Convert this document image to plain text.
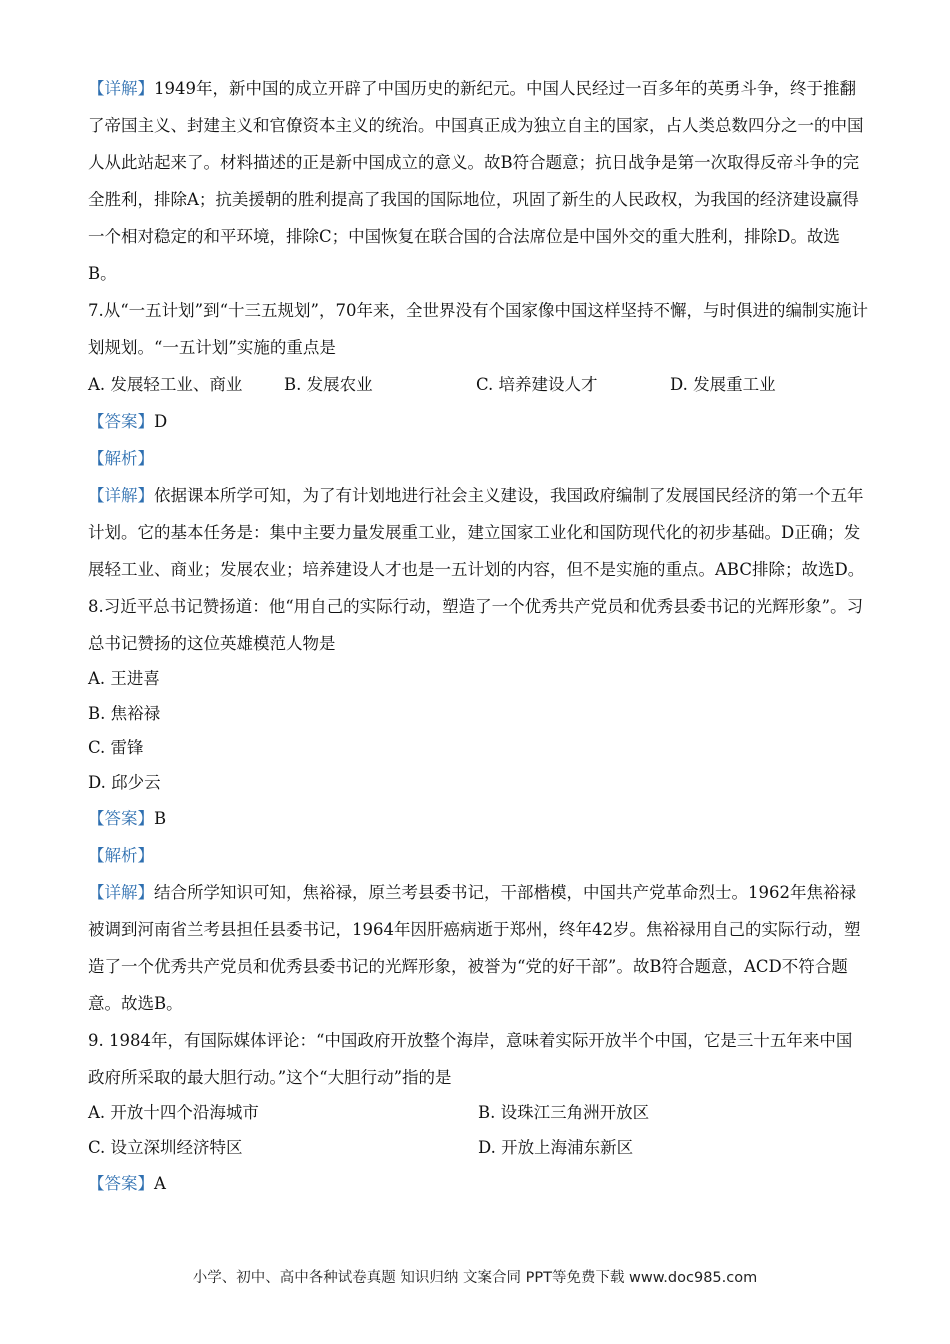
【详解】1949年，新中国的成立开辟了中国历史的新纪元。中国人民经过一百多年的英勇斗争，终于推翻了帝国主义、封建主义和官僚资本主义的统治。中国真正成为独立自主的国家，占人类总数四分之一的中国人从此站起来了。材料描述的正是新中国成立的意义。故B符合题意；抗日战争是第一次取得反帝斗争的完全胜利，排除A；抗美援朝的胜利提高了我国的国际地位，巩固了新生的人民政权，为我国的经济建设赢得一个相对稳定的和平环境，排除C；中国恢复在联合国的合法席位是中国外交的重大胜利，排除D。故选B。

7.从“一五计划”到“十三五规划”，70年来，全世界没有个国家像中国这样坚持不懈，与时俱进的编制实施计划规划。“一五计划”实施的重点是

A. 发展轻工业、商业	B. 发展农业	C. 培养建设人才	D. 发展重工业

【答案】D

【解析】

【详解】依据课本所学可知，为了有计划地进行社会主义建设，我国政府编制了发展国民经济的第一个五年计划。它的基本任务是：集中主要力量发展重工业，建立国家工业化和国防现代化的初步基础。D正确；发展轻工业、商业；发展农业；培养建设人才也是一五计划的内容，但不是实施的重点。ABC排除；故选D。

8.习近平总书记赞扬道：他“用自己的实际行动，塑造了一个优秀共产党员和优秀县委书记的光辉形象”。习总书记赞扬的这位英雄模范人物是

A. 王进喜

B. 焦裕禄

C. 雷锋

D. 邱少云

【答案】B

【解析】

【详解】结合所学知识可知，焦裕禄，原兰考县委书记，干部楷模，中国共产党革命烈士。1962年焦裕禄被调到河南省兰考县担任县委书记，1964年因肝癌病逝于郑州，终年42岁。焦裕禄用自己的实际行动，塑造了一个优秀共产党员和优秀县委书记的光辉形象，被誉为“党的好干部”。故B符合题意，ACD不符合题意。故选B。

9. 1984年，有国际媒体评论：“中国政府开放整个海岸，意味着实际开放半个中国，它是三十五年来中国政府所采取的最大胆行动。”这个“大胆行动”指的是

A. 开放十四个沿海城市	B. 设珠江三角洲开放区
C. 设立深圳经济特区	D. 开放上海浦东新区

【答案】A

小学、初中、高中各种试卷真题 知识归纳 文案合同 PPT等免费下载 www.doc985.com
